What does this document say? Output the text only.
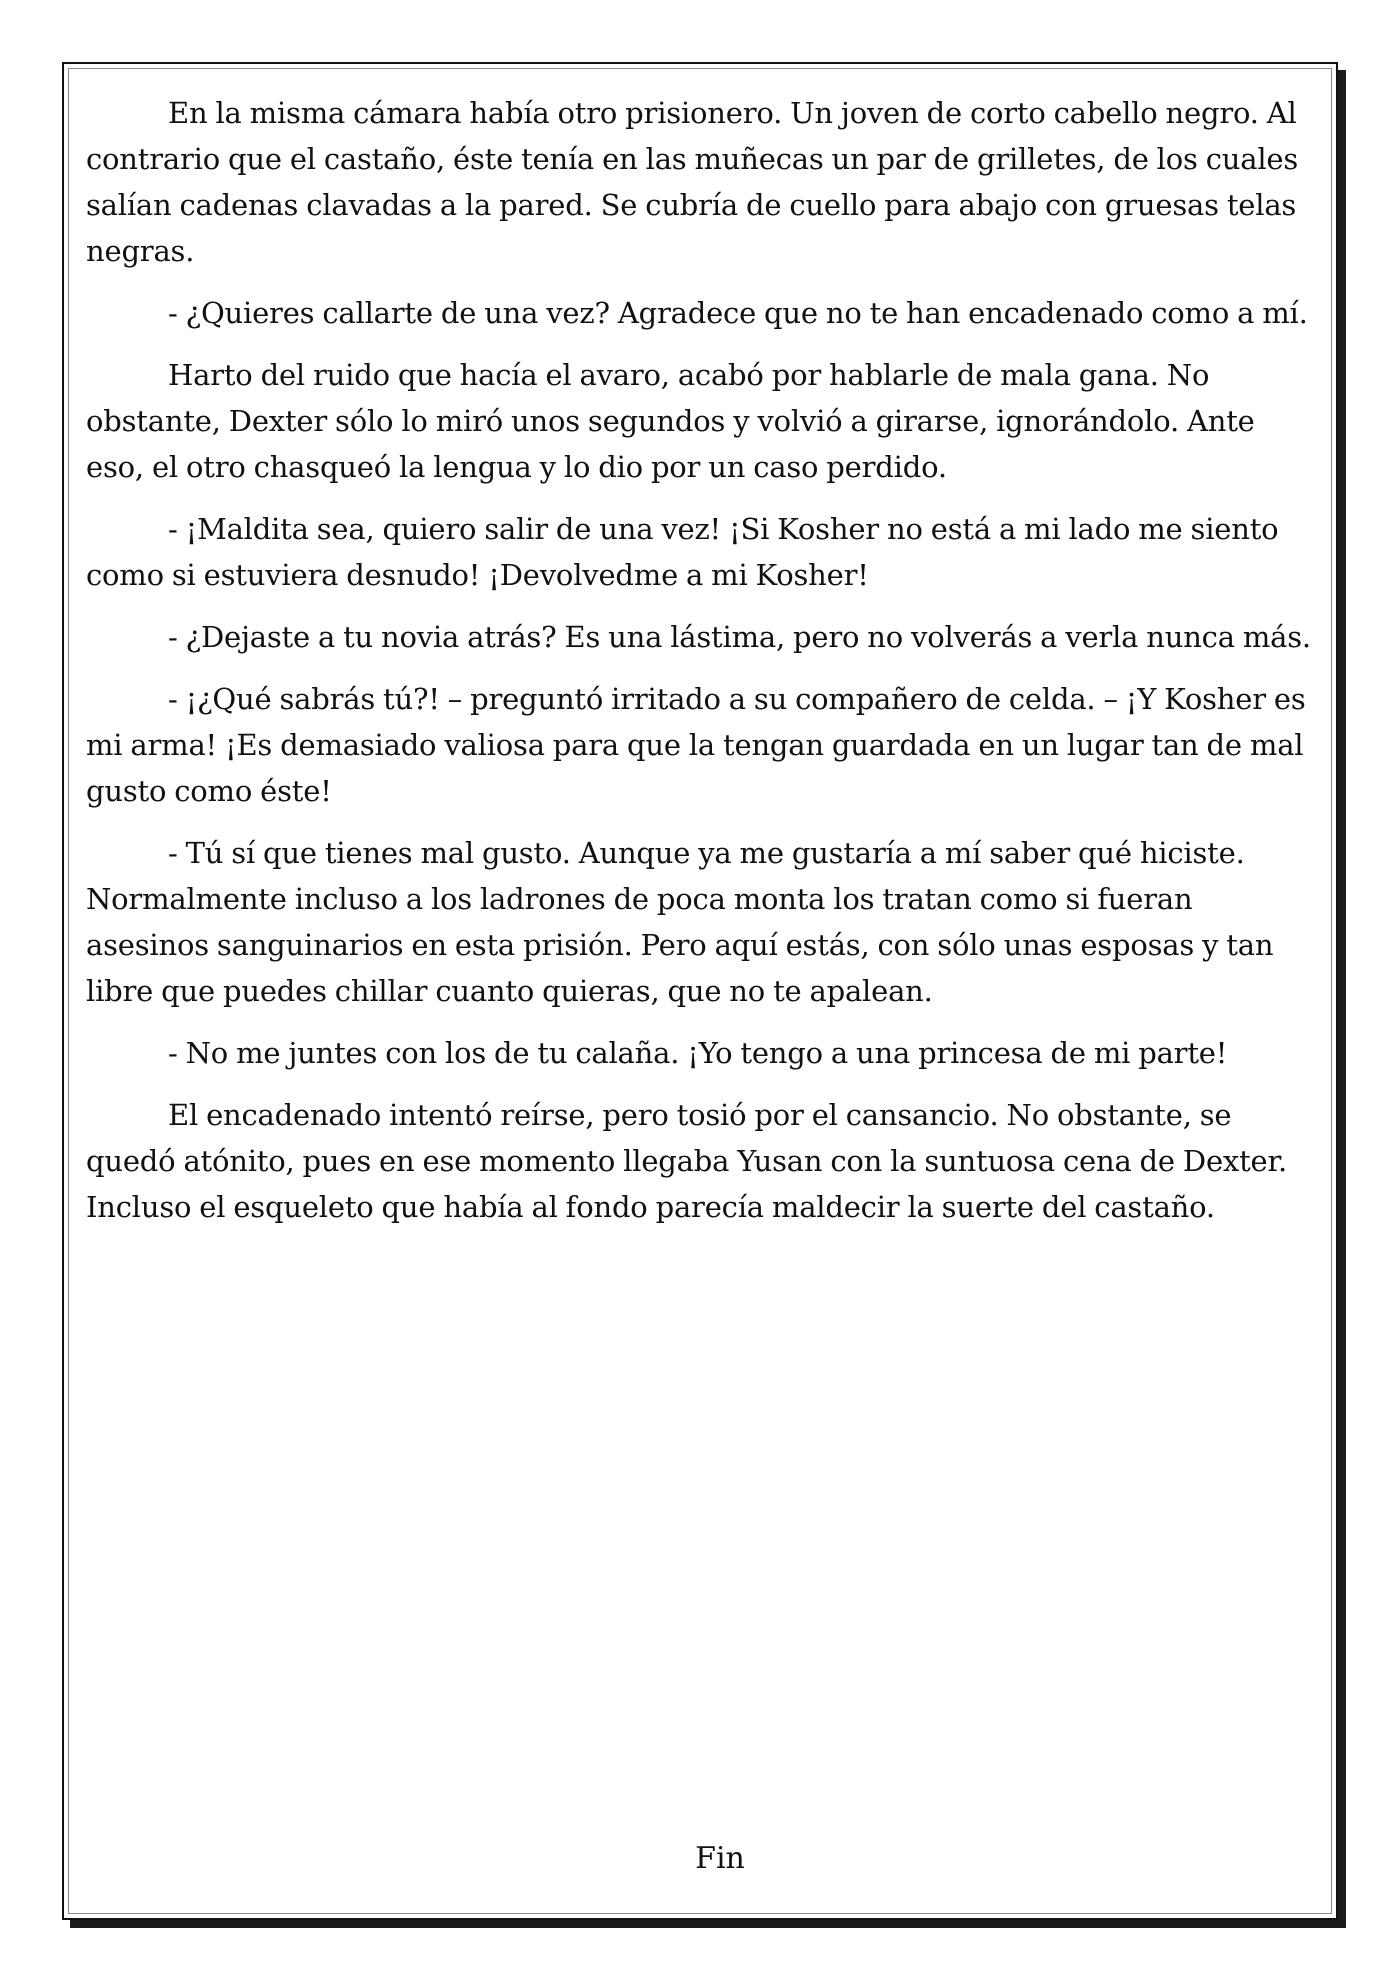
En la misma cámara había otro prisionero. Un joven de corto cabello negro. Al contrario que el castaño, éste tenía en las muñecas un par de grilletes, de los cuales salían cadenas clavadas a la pared. Se cubría de cuello para abajo con gruesas telas negras.

- ¿Quieres callarte de una vez? Agradece que no te han encadenado como a mí.

Harto del ruido que hacía el avaro, acabó por hablarle de mala gana. No obstante, Dexter sólo lo miró unos segundos y volvió a girarse, ignorándolo. Ante eso, el otro chasqueó la lengua y lo dio por un caso perdido.

- ¡Maldita sea, quiero salir de una vez! ¡Si Kosher no está a mi lado me siento como si estuviera desnudo! ¡Devolvedme a mi Kosher!

- ¿Dejaste a tu novia atrás? Es una lástima, pero no volverás a verla nunca más.

- ¡¿Qué sabrás tú?! – preguntó irritado a su compañero de celda. – ¡Y Kosher es mi arma! ¡Es demasiado valiosa para que la tengan guardada en un lugar tan de mal gusto como éste!

- Tú sí que tienes mal gusto. Aunque ya me gustaría a mí saber qué hiciste. Normalmente incluso a los ladrones de poca monta los tratan como si fueran asesinos sanguinarios en esta prisión. Pero aquí estás, con sólo unas esposas y tan libre que puedes chillar cuanto quieras, que no te apalean.

- No me juntes con los de tu calaña. ¡Yo tengo a una princesa de mi parte!

El encadenado intentó reírse, pero tosió por el cansancio. No obstante, se quedó atónito, pues en ese momento llegaba Yusan con la suntuosa cena de Dexter. Incluso el esqueleto que había al fondo parecía maldecir la suerte del castaño.

Fin
